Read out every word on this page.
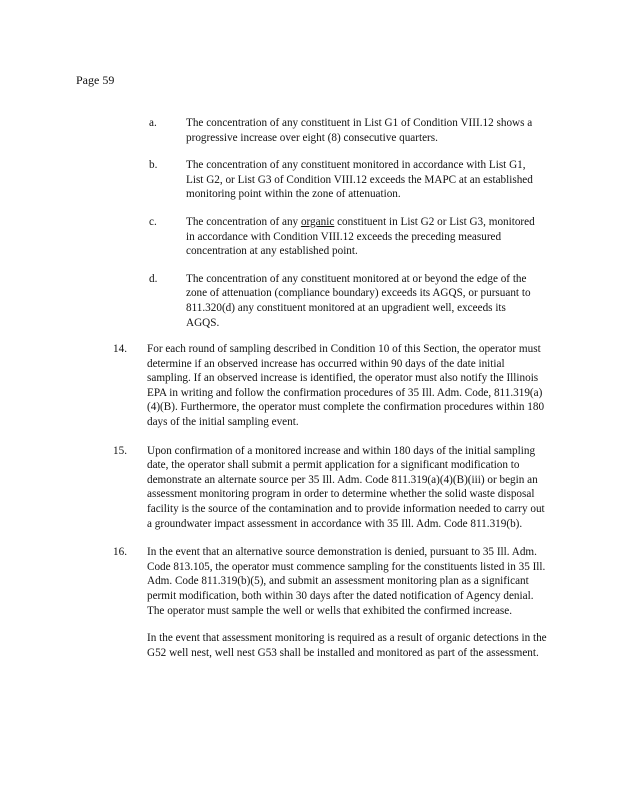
Page 59
a.	The concentration of any constituent in List G1 of Condition VIII.12 shows a progressive increase over eight (8) consecutive quarters.
b.	The concentration of any constituent monitored in accordance with List G1, List G2, or List G3 of Condition VIII.12 exceeds the MAPC at an established monitoring point within the zone of attenuation.
c.	The concentration of any organic constituent in List G2 or List G3, monitored in accordance with Condition VIII.12 exceeds the preceding measured concentration at any established point.
d.	The concentration of any constituent monitored at or beyond the edge of the zone of attenuation (compliance boundary) exceeds its AGQS, or pursuant to 811.320(d) any constituent monitored at an upgradient well, exceeds its AGQS.
14.	For each round of sampling described in Condition 10 of this Section, the operator must determine if an observed increase has occurred within 90 days of the date initial sampling. If an observed increase is identified, the operator must also notify the Illinois EPA in writing and follow the confirmation procedures of 35 Ill. Adm. Code, 811.319(a)(4)(B). Furthermore, the operator must complete the confirmation procedures within 180 days of the initial sampling event.

15.	Upon confirmation of a monitored increase and within 180 days of the initial sampling date, the operator shall submit a permit application for a significant modification to demonstrate an alternate source per 35 Ill. Adm. Code 811.319(a)(4)(B)(iii) or begin an assessment monitoring program in order to determine whether the solid waste disposal facility is the source of the contamination and to provide information needed to carry out a groundwater impact assessment in accordance with 35 Ill. Adm. Code 811.319(b).

16.	In the event that an alternative source demonstration is denied, pursuant to 35 Ill. Adm. Code 813.105, the operator must commence sampling for the constituents listed in 35 Ill. Adm. Code 811.319(b)(5), and submit an assessment monitoring plan as a significant permit modification, both within 30 days after the dated notification of Agency denial. The operator must sample the well or wells that exhibited the confirmed increase.

In the event that assessment monitoring is required as a result of organic detections in the G52 well nest, well nest G53 shall be installed and monitored as part of the assessment.
